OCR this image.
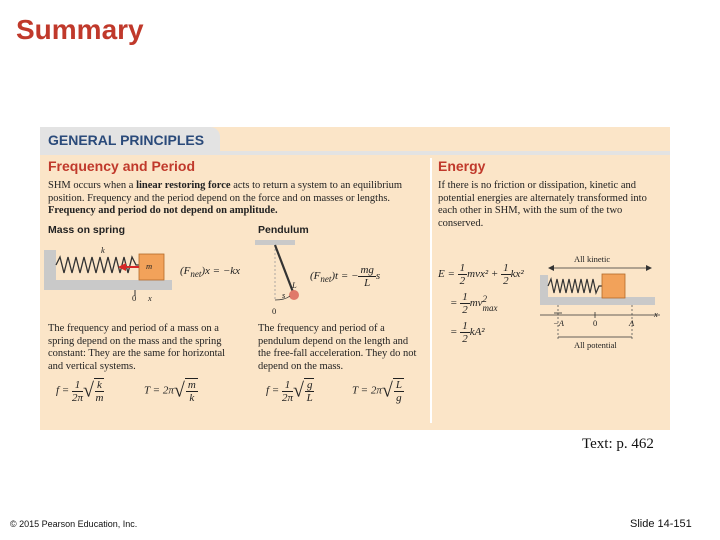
Summary
GENERAL PRINCIPLES
Frequency and Period
SHM occurs when a linear restoring force acts to return a system to an equilibrium position. Frequency and the period depend on the force and on masses or lengths. Frequency and period do not depend on amplitude.
Mass on spring	Pendulum
k
m
0 x
$(F_{net})x = -kx$
L
s
0
$(F_{net})t$ = − $\frac{mg}{L}$ s
The frequency and period of a mass on a spring depend on the mass and the spring constant: They are the same for horizontal and vertical systems.
The frequency and period of a pendulum depend on the length and the free-fall acceleration. They do not depend on the mass.
$f = \frac{1}{2\pi}$ √ $\frac{k}{m}$	$T = 2\pi√ \frac{m}{k}$	$f = \frac{1}{2\pi}$ √ $\frac{g}{L}$	$T = 2\pi√ \frac{L}{g}$
Energy
If there is no friction or dissipation, kinetic and potential energies are alternately transformed into each other in SHM, with the sum of the two conserved.
$E = \frac{1}{2} mvx^2 + \frac{1}{2} kx^2$
= $\frac{1}{2}$ mv 2
max
= $\frac{1}{2} kA^2$
All kinetic
All potential
−A	0	A
x
Text: p. 462
© 2015 Pearson Education, Inc.	Slide 14-151
